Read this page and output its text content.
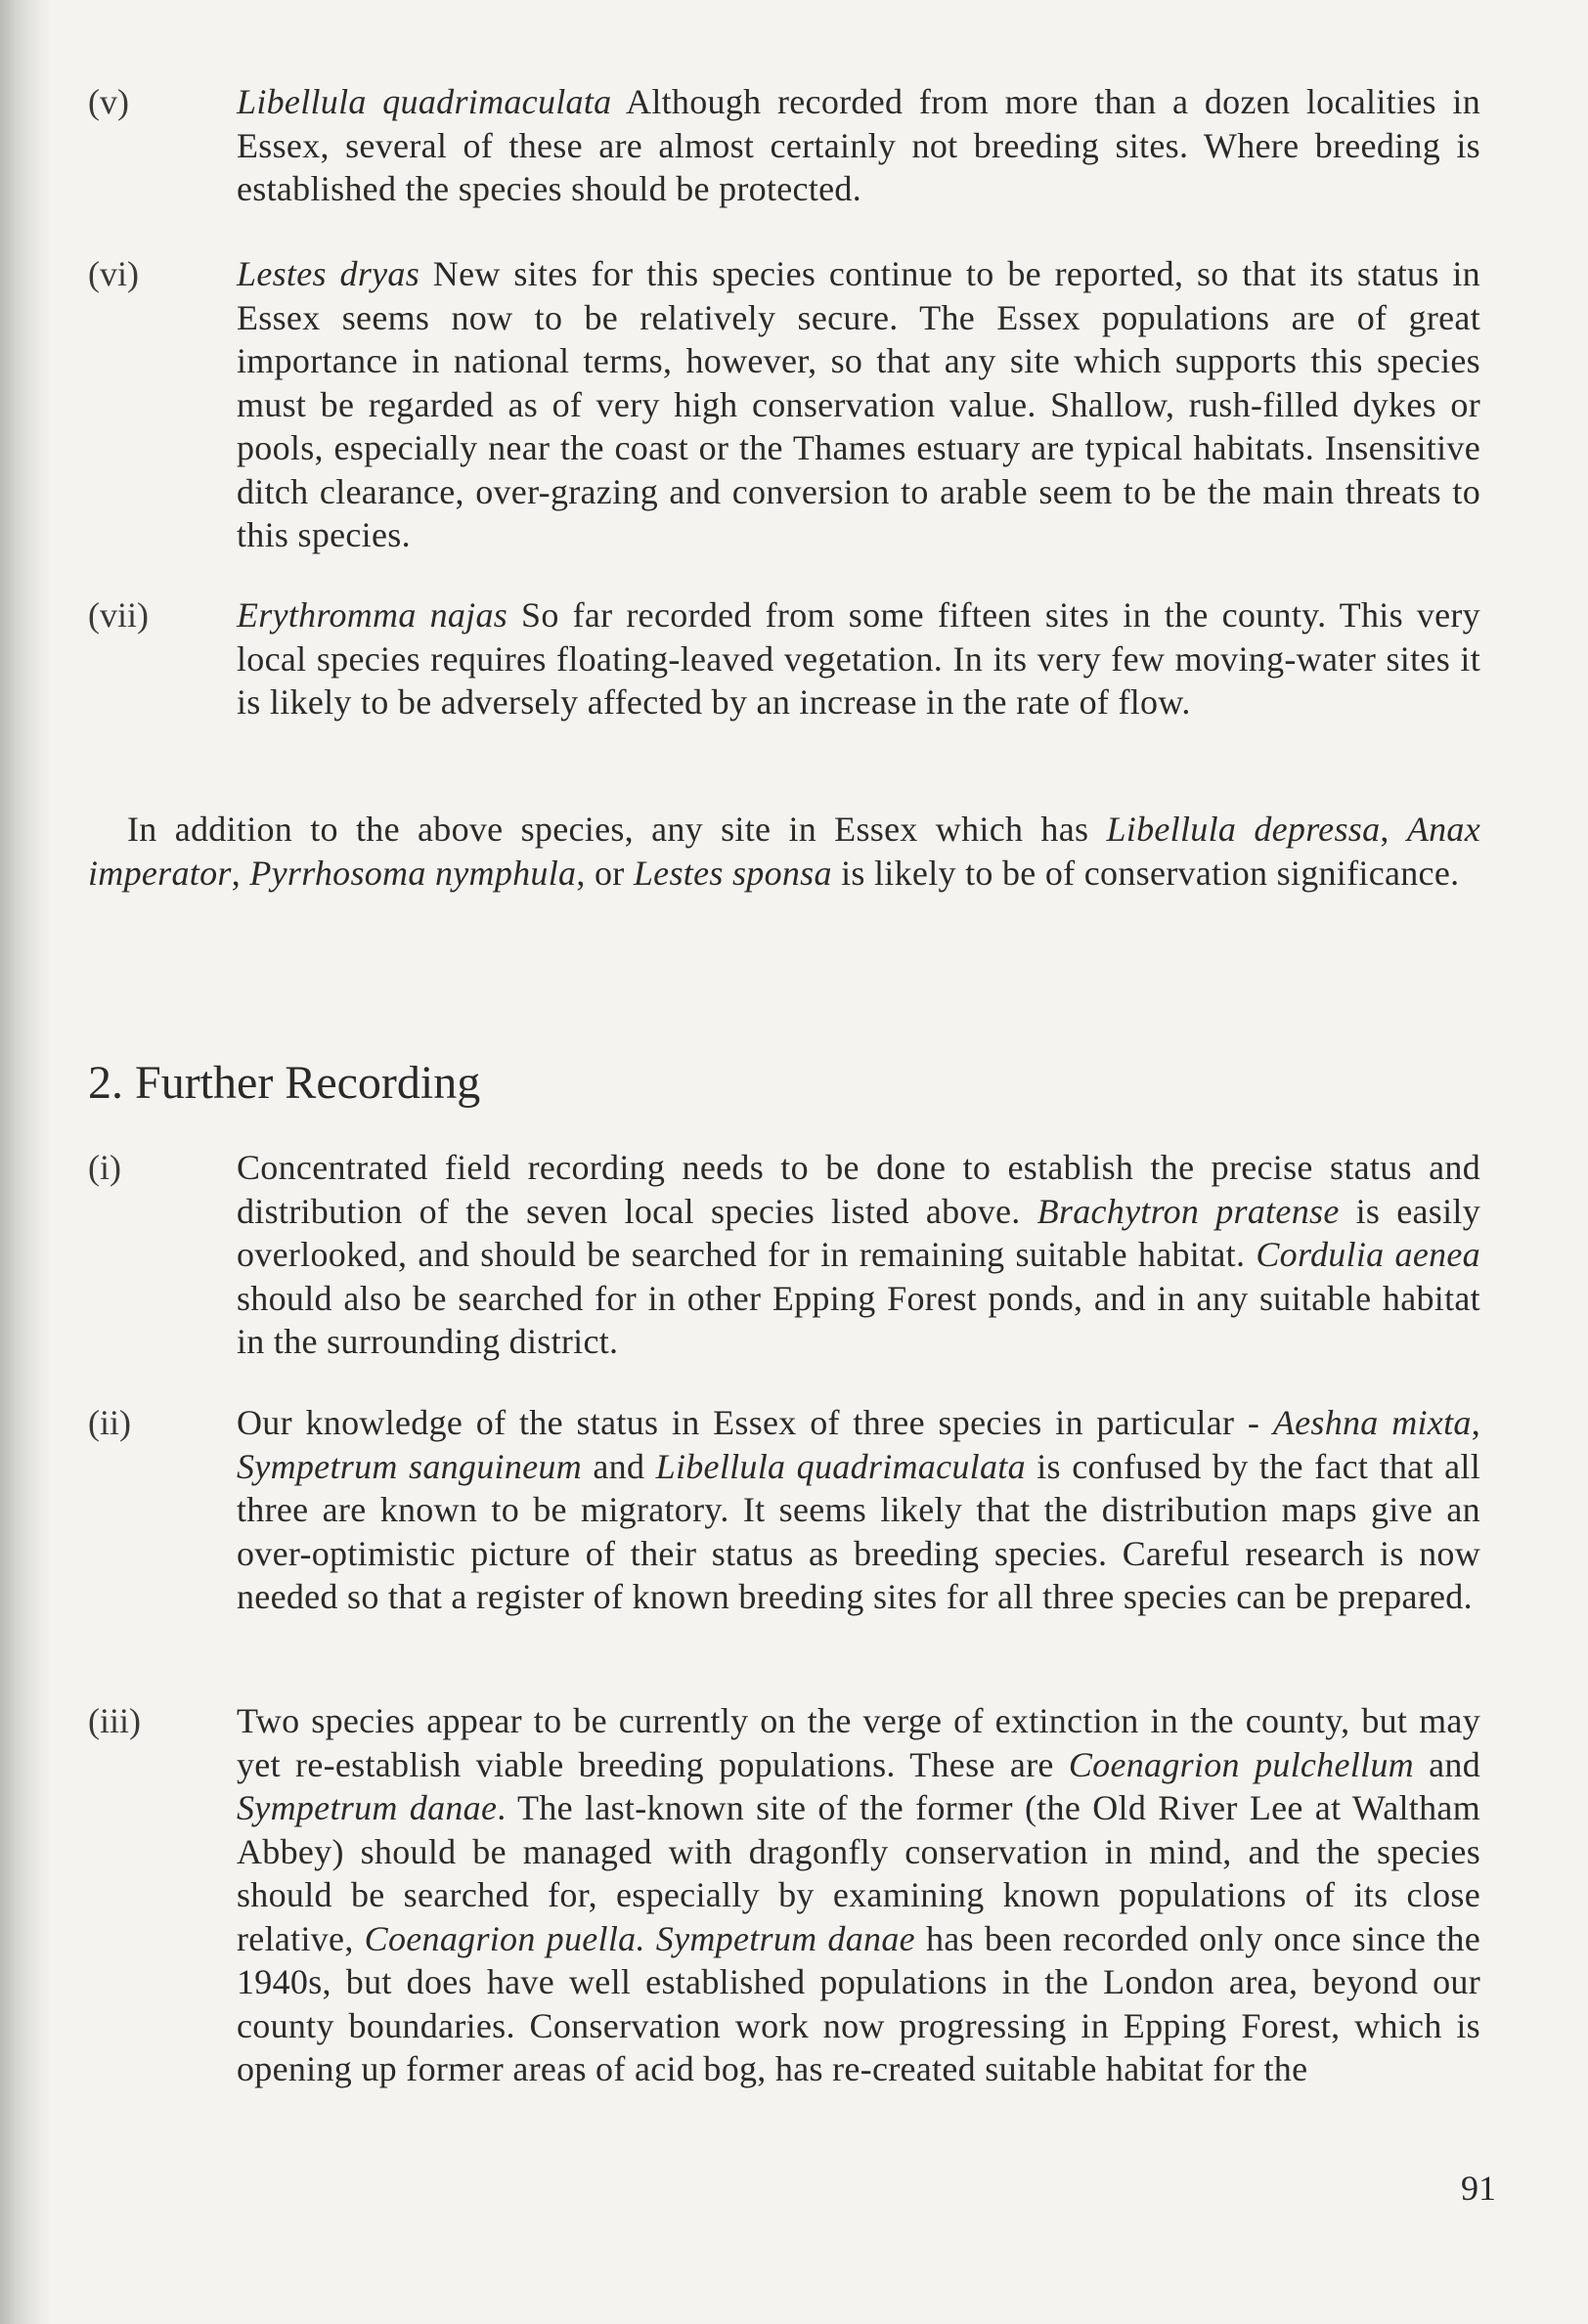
(v)	Libellula quadrimaculata Although recorded from more than a dozen localities in Essex, several of these are almost certainly not breeding sites. Where breeding is established the species should be protected.
(vi)	Lestes dryas New sites for this species continue to be reported, so that its status in Essex seems now to be relatively secure. The Essex populations are of great importance in national terms, however, so that any site which supports this species must be regarded as of very high conservation value. Shallow, rush-filled dykes or pools, especially near the coast or the Thames estuary are typical habitats. Insensitive ditch clearance, over-grazing and conversion to arable seem to be the main threats to this species.
(vii)	Erythromma najas So far recorded from some fifteen sites in the county. This very local species requires floating-leaved vegetation. In its very few moving-water sites it is likely to be adversely affected by an increase in the rate of flow.
In addition to the above species, any site in Essex which has Libellula depressa, Anax imperator, Pyrrhosoma nymphula, or Lestes sponsa is likely to be of conservation significance.
2. Further Recording
(i)	Concentrated field recording needs to be done to establish the precise status and distribution of the seven local species listed above. Brachytron pratense is easily overlooked, and should be searched for in remaining suitable habitat. Cordulia aenea should also be searched for in other Epping Forest ponds, and in any suitable habitat in the surrounding district.
(ii)	Our knowledge of the status in Essex of three species in particular - Aeshna mixta, Sympetrum sanguineum and Libellula quadrimaculata is confused by the fact that all three are known to be migratory. It seems likely that the distribution maps give an over-optimistic picture of their status as breeding species. Careful research is now needed so that a register of known breeding sites for all three species can be prepared.
(iii)	Two species appear to be currently on the verge of extinction in the county, but may yet re-establish viable breeding populations. These are Coenagrion pulchellum and Sympetrum danae. The last-known site of the former (the Old River Lee at Waltham Abbey) should be managed with dragonfly conservation in mind, and the species should be searched for, especially by examining known populations of its close relative, Coenagrion puella. Sympetrum danae has been recorded only once since the 1940s, but does have well established populations in the London area, beyond our county boundaries. Conservation work now progressing in Epping Forest, which is opening up former areas of acid bog, has re-created suitable habitat for the
91
